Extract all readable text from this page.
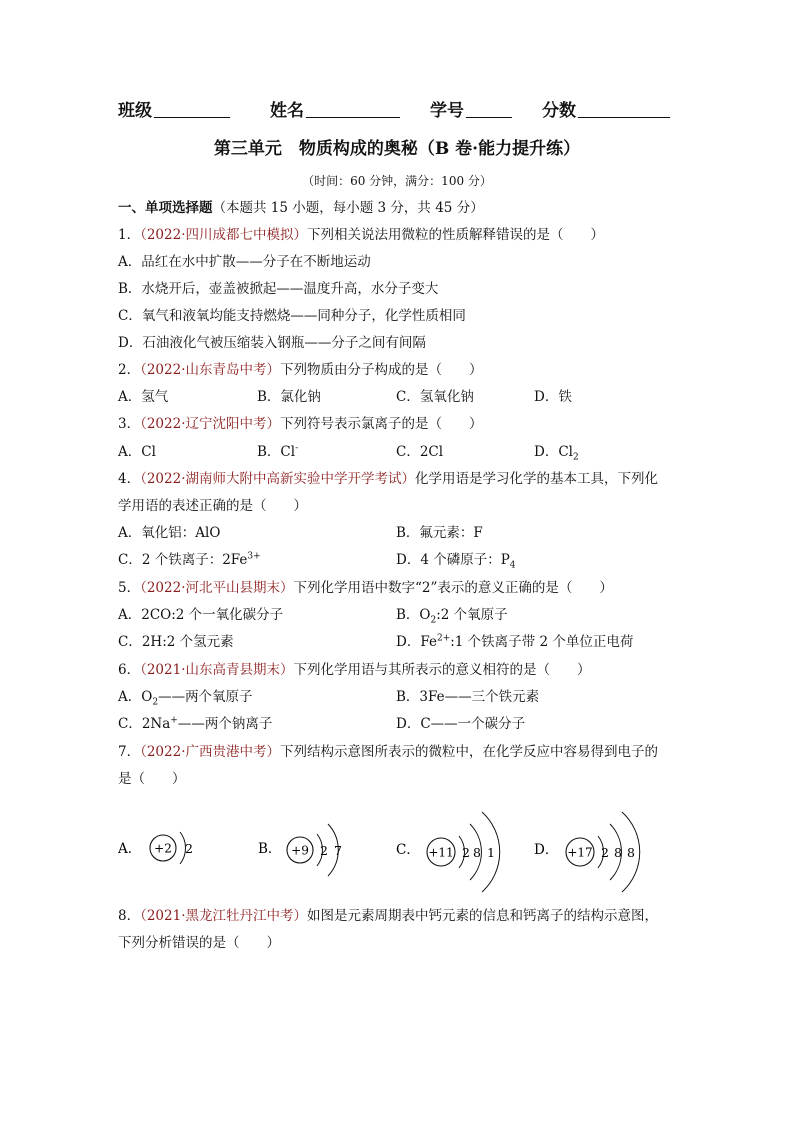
班级	姓名	学号	分数
第三单元　物质构成的奥秘（B 卷·能力提升练）
（时间：60 分钟，满分：100 分）
一、单项选择题（本题共 15 小题，每小题 3 分，共 45 分）
1．（2022·四川成都七中模拟）下列相关说法用微粒的性质解释错误的是（　　）
A．品红在水中扩散——分子在不断地运动
B．水烧开后，壶盖被掀起——温度升高，水分子变大
C．氧气和液氧均能支持燃烧——同种分子，化学性质相同
D．石油液化气被压缩装入钢瓶——分子之间有间隔
2．（2022·山东青岛中考）下列物质由分子构成的是（　　）
A．氢气	B．氯化钠	C．氢氧化钠	D．铁
3．（2022·辽宁沈阳中考）下列符号表示氯离子的是（　　）
A．Cl	B．Cl-	C．2Cl	D．$Cl_2$
4．（2022·湖南师大附中高新实验中学开学考试）化学用语是学习化学的基本工具，下列化
学用语的表述正确的是（　　）
A．氧化铝：AlO	B．氟元素：F
C．2 个铁离子：$2Fe^{3+}$	D．4 个磷原子：$P_4$
5．（2022·河北平山县期末）下列化学用语中数字“2”表示的意义正确的是（　　）
A．2CO:2 个一氧化碳分子	B．$O_2:2$ 个氧原子
C．2H:2 个氢元素	D．$Fe^{2+}:1$ 个铁离子带 2 个单位正电荷
6．（2021·山东高青县期末）下列化学用语与其所表示的意义相符的是（　　）
A．$O_2——$两个氧原子	B．3Fe——三个铁元素
C．2Na+——两个钠离子	D．C——一个碳分子
7．（2022·广西贵港中考）下列结构示意图所表示的微粒中，在化学反应中容易得到电子的
是（　　）
A． +2 2	B． +9 2 7	C． +11 2 8 1	D． +17 2 8 8
8．（2021·黑龙江牡丹江中考）如图是元素周期表中钙元素的信息和钙离子的结构示意图，
下列分析错误的是（　　）
